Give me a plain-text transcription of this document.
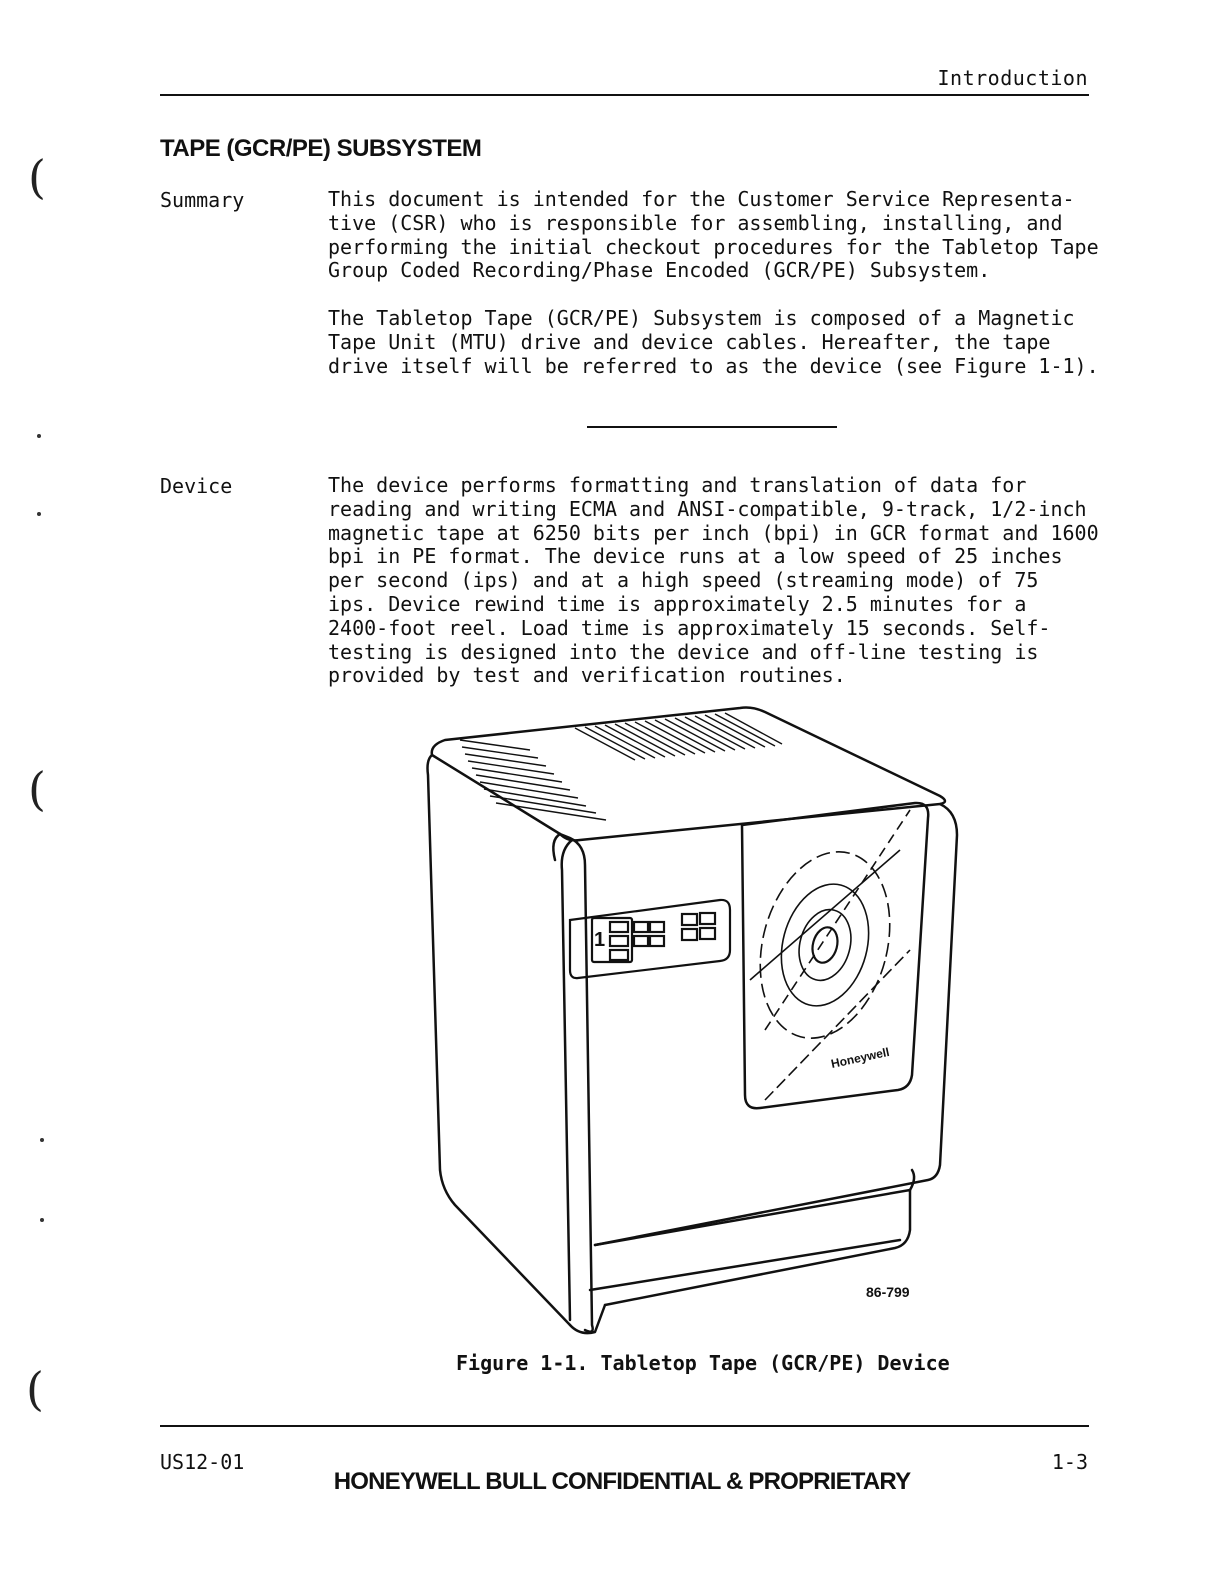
(
(
(
Introduction
TAPE (GCR/PE) SUBSYSTEM
Summary	This document is intended for the Customer Service Representa-
tive (CSR) who is responsible for assembling, installing, and
performing the initial checkout procedures for the Tabletop Tape
Group Coded Recording/Phase Encoded (GCR/PE) Subsystem.

The Tabletop Tape (GCR/PE) Subsystem is composed of a Magnetic
Tape Unit (MTU) drive and device cables. Hereafter, the tape
drive itself will be referred to as the device (see Figure 1-1).

Device	The device performs formatting and translation of data for
reading and writing ECMA and ANSI-compatible, 9-track, 1/2-inch
magnetic tape at 6250 bits per inch (bpi) in GCR format and 1600
bpi in PE format. The device runs at a low speed of 25 inches
per second (ips) and at a high speed (streaming mode) of 75
ips. Device rewind time is approximately 2.5 minutes for a
2400-foot reel. Load time is approximately 15 seconds. Self-
testing is designed into the device and off-line testing is
provided by test and verification routines.

1
Honeywell
86-799
Figure 1-1. Tabletop Tape (GCR/PE) Device
US12-01	1-3
HONEYWELL BULL CONFIDENTIAL & PROPRIETARY
